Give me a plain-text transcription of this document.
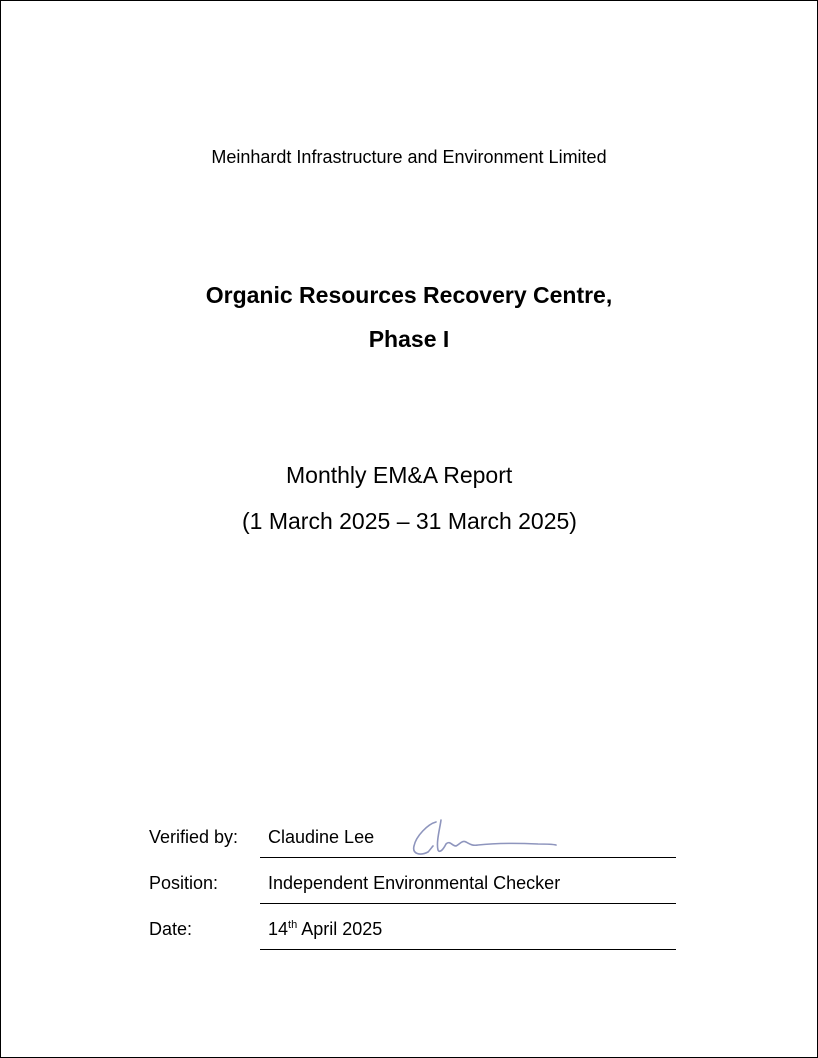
Meinhardt Infrastructure and Environment Limited
Organic Resources Recovery Centre,
Phase I
Monthly EM&A Report
(1 March 2025 – 31 March 2025)
Verified by: Claudine Lee
Position:	Independent Environmental Checker
Date:	14th April 2025
